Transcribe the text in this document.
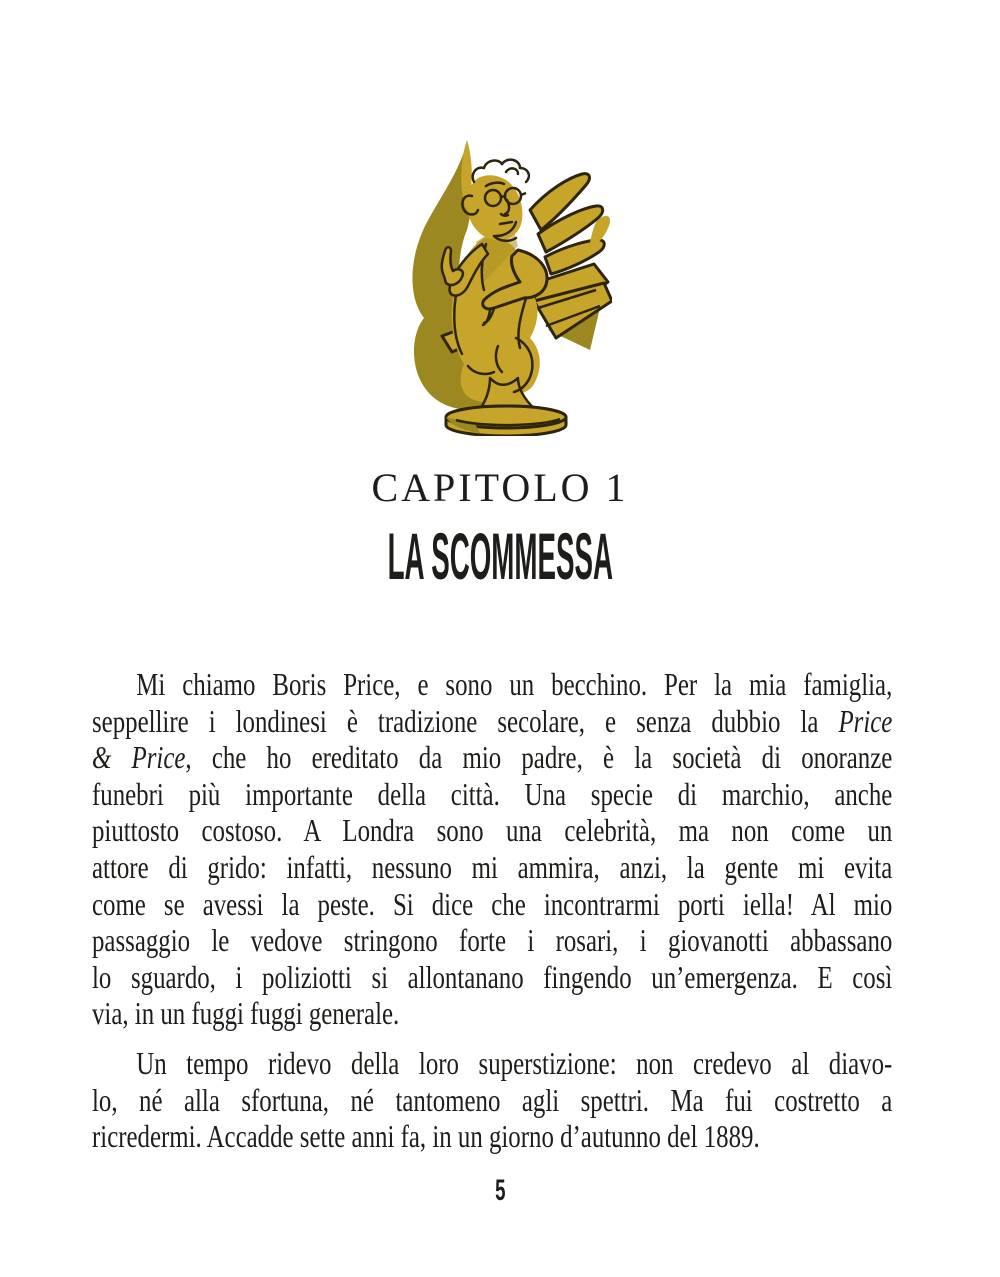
CAPITOLO 1
LA SCOMMESSA
Mi chiamo Boris Price, e sono un becchino. Per la mia famiglia,
seppellire i londinesi è tradizione secolare, e senza dubbio la Price
& Price, che ho ereditato da mio padre, è la società di onoranze
funebri più importante della città. Una specie di marchio, anche
piuttosto costoso. A Londra sono una celebrità, ma non come un
attore di grido: infatti, nessuno mi ammira, anzi, la gente mi evita
come se avessi la peste. Si dice che incontrarmi porti iella! Al mio
passaggio le vedove stringono forte i rosari, i giovanotti abbassano
lo sguardo, i poliziotti si allontanano fingendo un’emergenza. E così
via, in un fuggi fuggi generale.
Un tempo ridevo della loro superstizione: non credevo al diavo-
lo, né alla sfortuna, né tantomeno agli spettri. Ma fui costretto a
ricredermi. Accadde sette anni fa, in un giorno d’autunno del 1889.
5
